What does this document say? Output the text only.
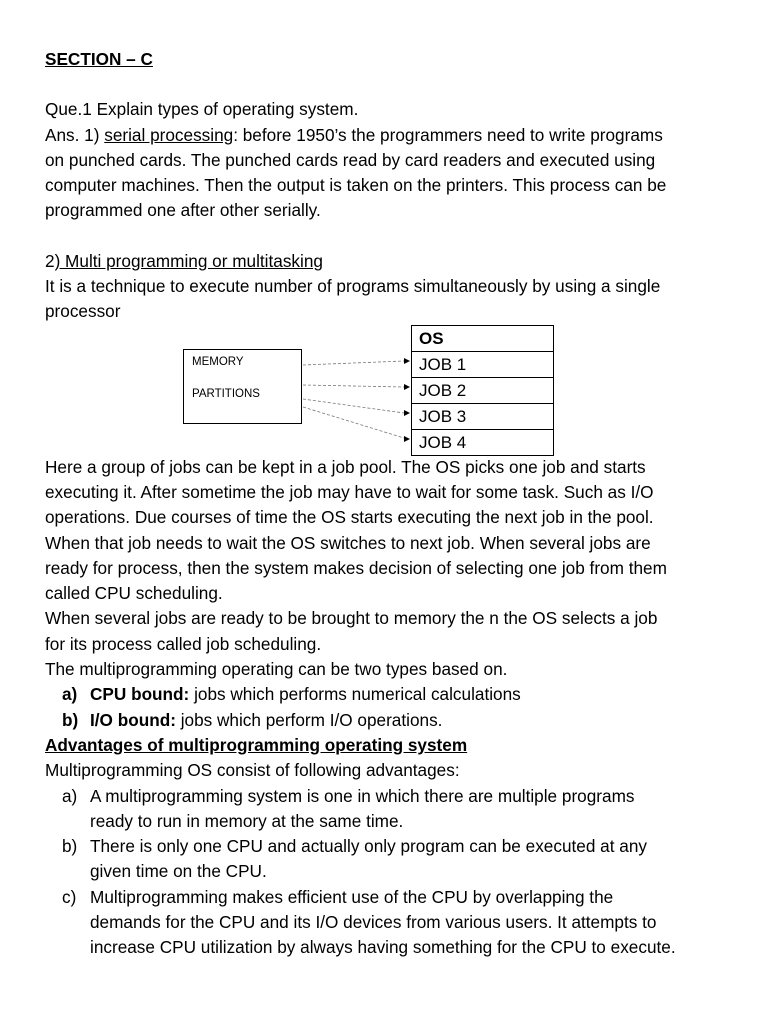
SECTION – C
Que.1 Explain types of operating system.
Ans. 1) serial processing: before 1950’s the programmers need to write programs
on punched cards. The punched cards read by card readers and executed using
computer machines. Then the output is taken on the printers. This process can be
programmed one after other serially.
2) Multi programming or multitasking
It is a technique to execute number of programs simultaneously by using a single
processor
MEMORY
PARTITIONS
OS
JOB 1
JOB 2
JOB 3
JOB 4
Here a group of jobs can be kept in a job pool. The OS picks one job and starts
executing it. After sometime the job may have to wait for some task. Such as I/O
operations. Due courses of time the OS starts executing the next job in the pool.
When that job needs to wait the OS switches to next job. When several jobs are
ready for process, then the system makes decision of selecting one job from them
called CPU scheduling.
When several jobs are ready to be brought to memory the n the OS selects a job
for its process called job scheduling.
The multiprogramming operating can be two types based on.
a) CPU bound: jobs which performs numerical calculations
b) I/O bound: jobs which perform I/O operations.
Advantages of multiprogramming operating system
Multiprogramming OS consist of following advantages:
a) A multiprogramming system is one in which there are multiple programs
ready to run in memory at the same time.
b) There is only one CPU and actually only program can be executed at any
given time on the CPU.
c) Multiprogramming makes efficient use of the CPU by overlapping the
demands for the CPU and its I/O devices from various users. It attempts to
increase CPU utilization by always having something for the CPU to execute.
